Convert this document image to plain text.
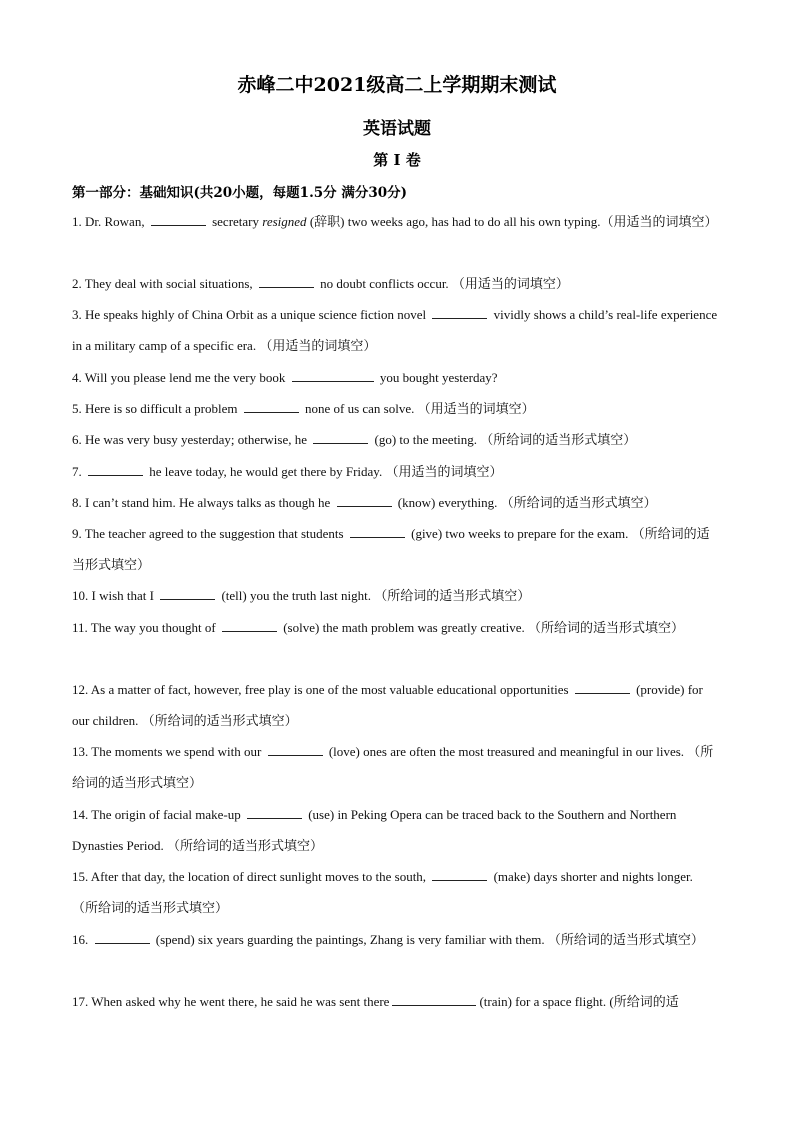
赤峰二中2021级高二上学期期末测试
英语试题
第 I 卷
第一部分：基础知识(共20小题，每题1.5分 满分30分)
1. Dr. Rowan,	secretary resigned (辞职) two weeks ago, has had to do all his own typing.（用适当的词填空）
2. They deal with social situations,	no doubt conflicts occur. （用适当的词填空）
3. He speaks highly of China Orbit as a unique science fiction novel	vividly shows a child’s real-life experience in a military camp of a specific era. （用适当的词填空）
4. Will you please lend me the very book	you bought yesterday?
5. Here is so difficult a problem	none of us can solve. （用适当的词填空）
6. He was very busy yesterday; otherwise, he	(go) to the meeting. （所给词的适当形式填空）
7.	he leave today, he would get there by Friday. （用适当的词填空）
8. I can’t stand him. He always talks as though he	(know) everything. （所给词的适当形式填空）
9. The teacher agreed to the suggestion that students	(give) two weeks to prepare for the exam. （所给词的适当形式填空）
10. I wish that I	(tell) you the truth last night. （所给词的适当形式填空）
11. The way you thought of	(solve) the math problem was greatly creative. （所给词的适当形式填空）
12. As a matter of fact, however, free play is one of the most valuable educational opportunities	(provide) for our children. （所给词的适当形式填空）
13. The moments we spend with our	(love) ones are often the most treasured and meaningful in our lives. （所给词的适当形式填空）
14. The origin of facial make-up	(use) in Peking Opera can be traced back to the Southern and Northern Dynasties Period. （所给词的适当形式填空）
15. After that day, the location of direct sunlight moves to the south,	(make) days shorter and nights longer. （所给词的适当形式填空）
16.	(spend) six years guarding the paintings, Zhang is very familiar with them. （所给词的适当形式填空）
17. When asked why he went there, he said he was sent there	(train) for a space flight. (所给词的适
